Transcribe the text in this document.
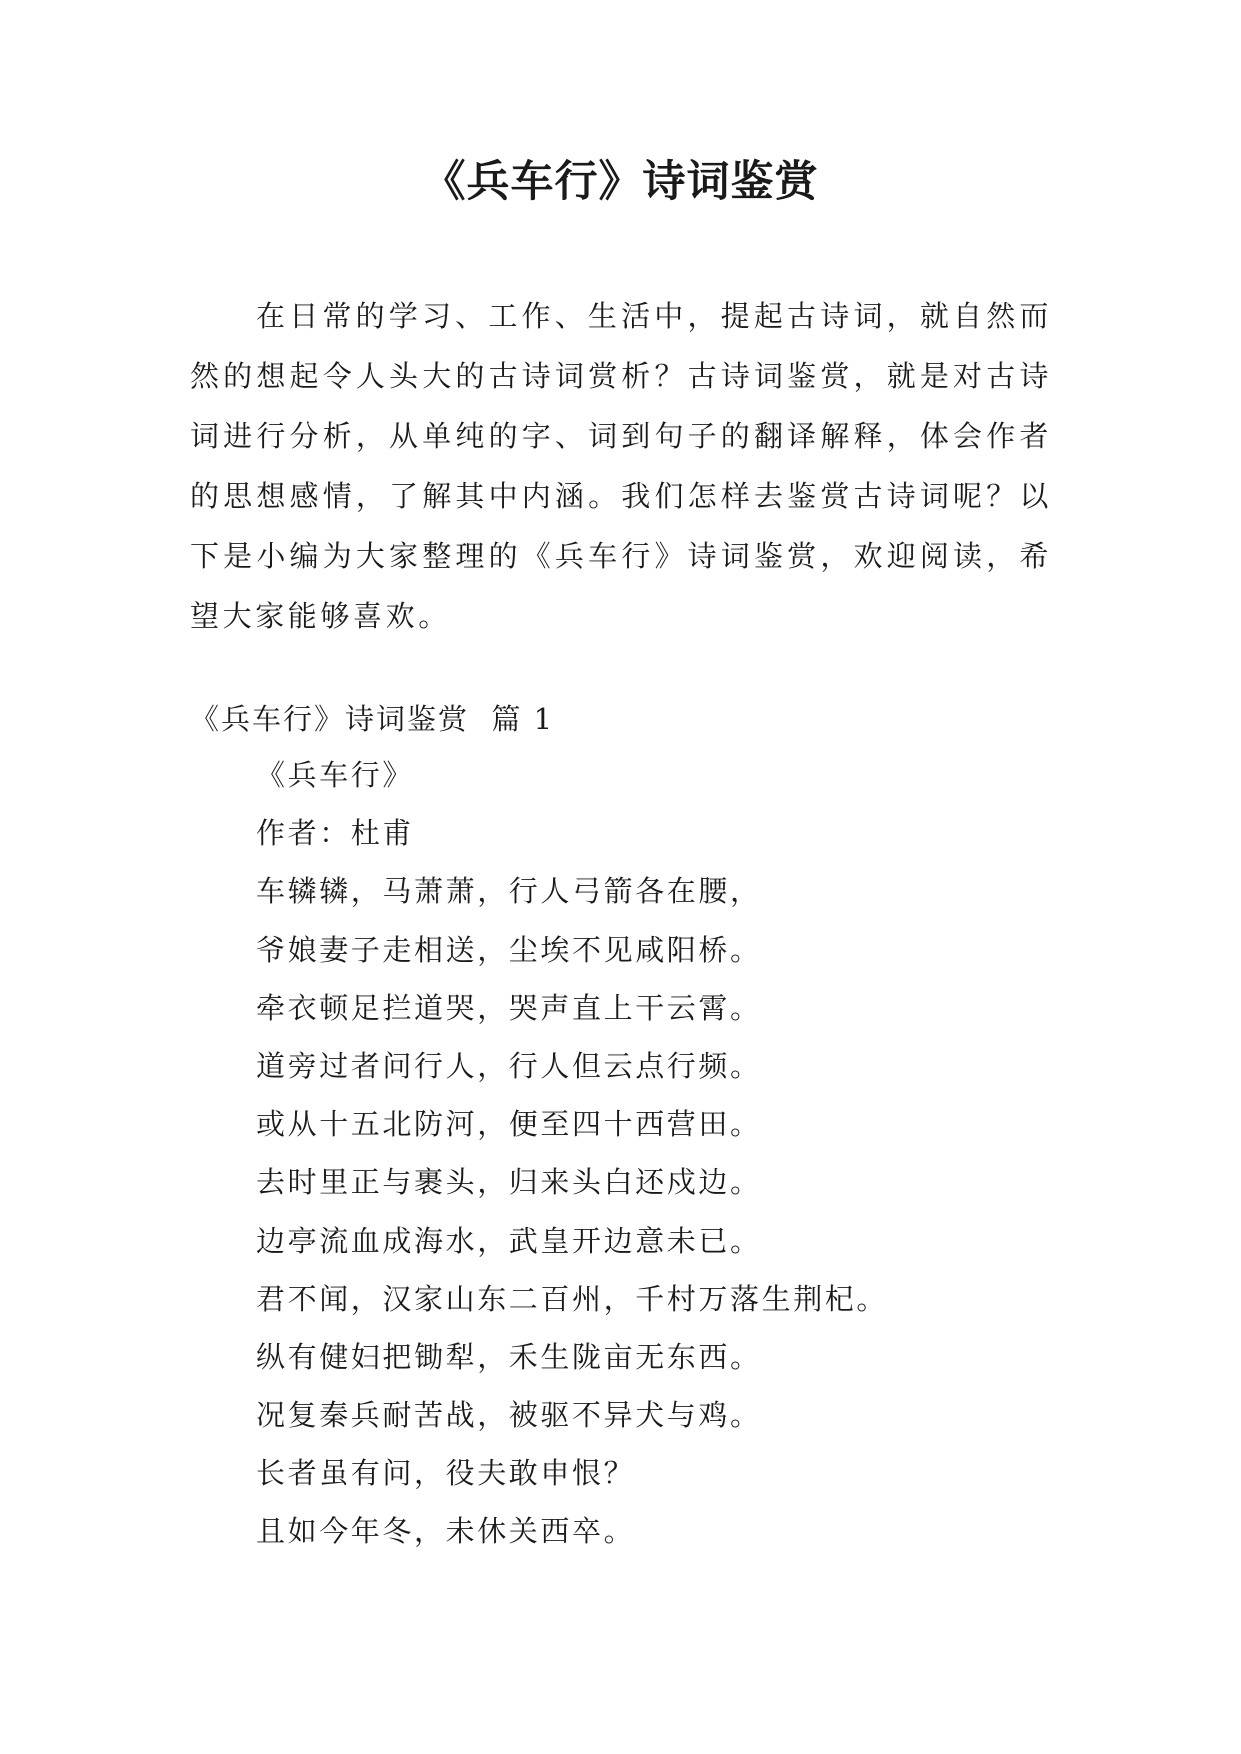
《兵车行》诗词鉴赏

在日常的学习、工作、生活中，提起古诗词，就自然而然的想起令人头大的古诗词赏析？古诗词鉴赏，就是对古诗词进行分析，从单纯的字、词到句子的翻译解释，体会作者的思想感情，了解其中内涵。我们怎样去鉴赏古诗词呢？以下是小编为大家整理的《兵车行》诗词鉴赏，欢迎阅读，希望大家能够喜欢。

《兵车行》诗词鉴赏  篇 1
《兵车行》
作者：杜甫
车辚辚，马萧萧，行人弓箭各在腰，
爷娘妻子走相送，尘埃不见咸阳桥。
牵衣顿足拦道哭，哭声直上干云霄。
道旁过者问行人，行人但云点行频。
或从十五北防河，便至四十西营田。
去时里正与裹头，归来头白还戍边。
边亭流血成海水，武皇开边意未已。
君不闻，汉家山东二百州，千村万落生荆杞。
纵有健妇把锄犁，禾生陇亩无东西。
况复秦兵耐苦战，被驱不异犬与鸡。
长者虽有问，役夫敢申恨？
且如今年冬，未休关西卒。
